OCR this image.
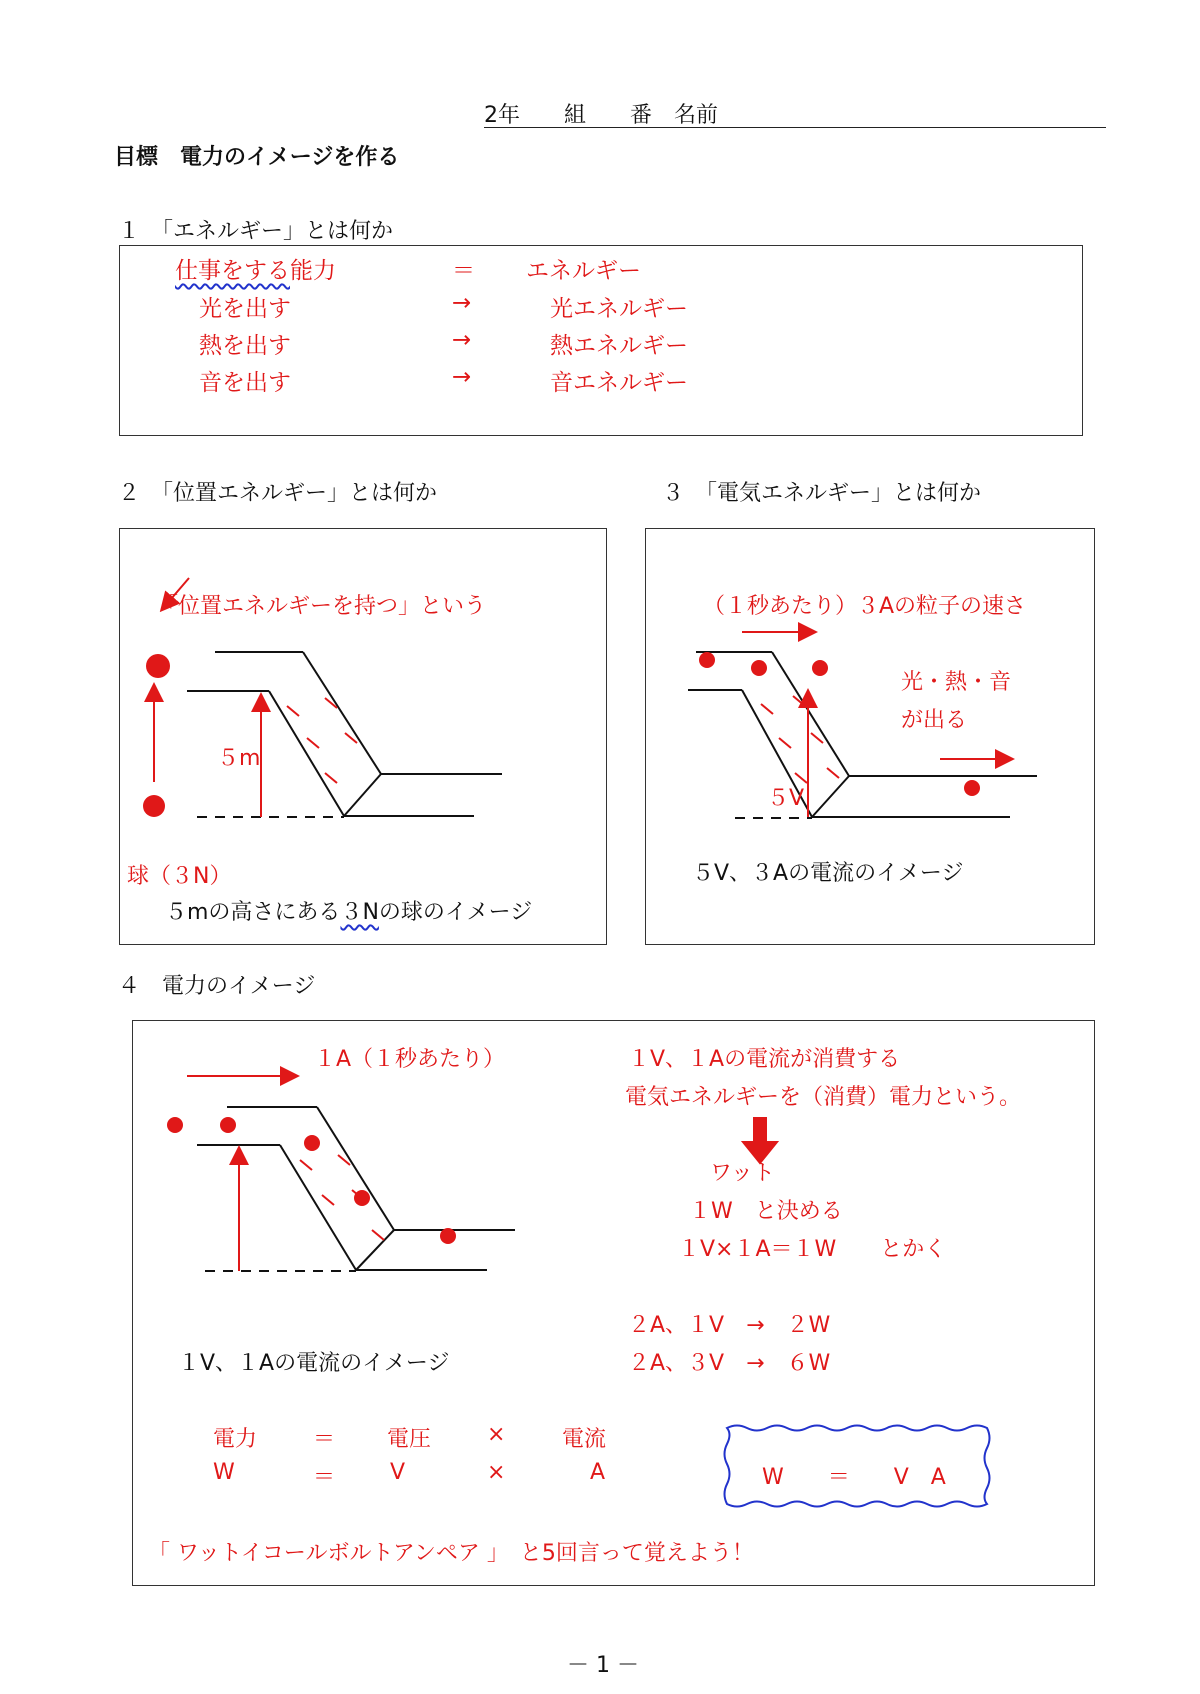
2年　　組　　番　名前
目標　電力のイメージを作る
１　「エネルギー」とは何か
仕事をする能力	＝ エネルギー
光を出す	→	光エネルギー
熱を出す	→	熱エネルギー
音を出す	→	音エネルギー
２　「位置エネルギー」とは何か	３　「電気エネルギー」とは何か
「位置エネルギーを持つ」という
５m
球（３N）
５mの高さにある３Nの球のイメージ
（１秒あたり）３Aの粒子の速さ
光・熱・音
が出る
５V
５V、３Aの電流のイメージ
４　電力のイメージ
１A（１秒あたり）	１V、１Aの電流が消費する
電気エネルギーを（消費）電力という。
ワット
１W　と決める
１V×１A＝１W　　とかく
２A、１V　→　２W
２A、３V　→　６W
１V、１Aの電流のイメージ
電力	＝ 電圧	×	電流
W	＝ V	×	A	W　　＝　　V　A
「 ワットイコールボルトアンペア 」　と5回言って覚えよう！
－ 1 －
